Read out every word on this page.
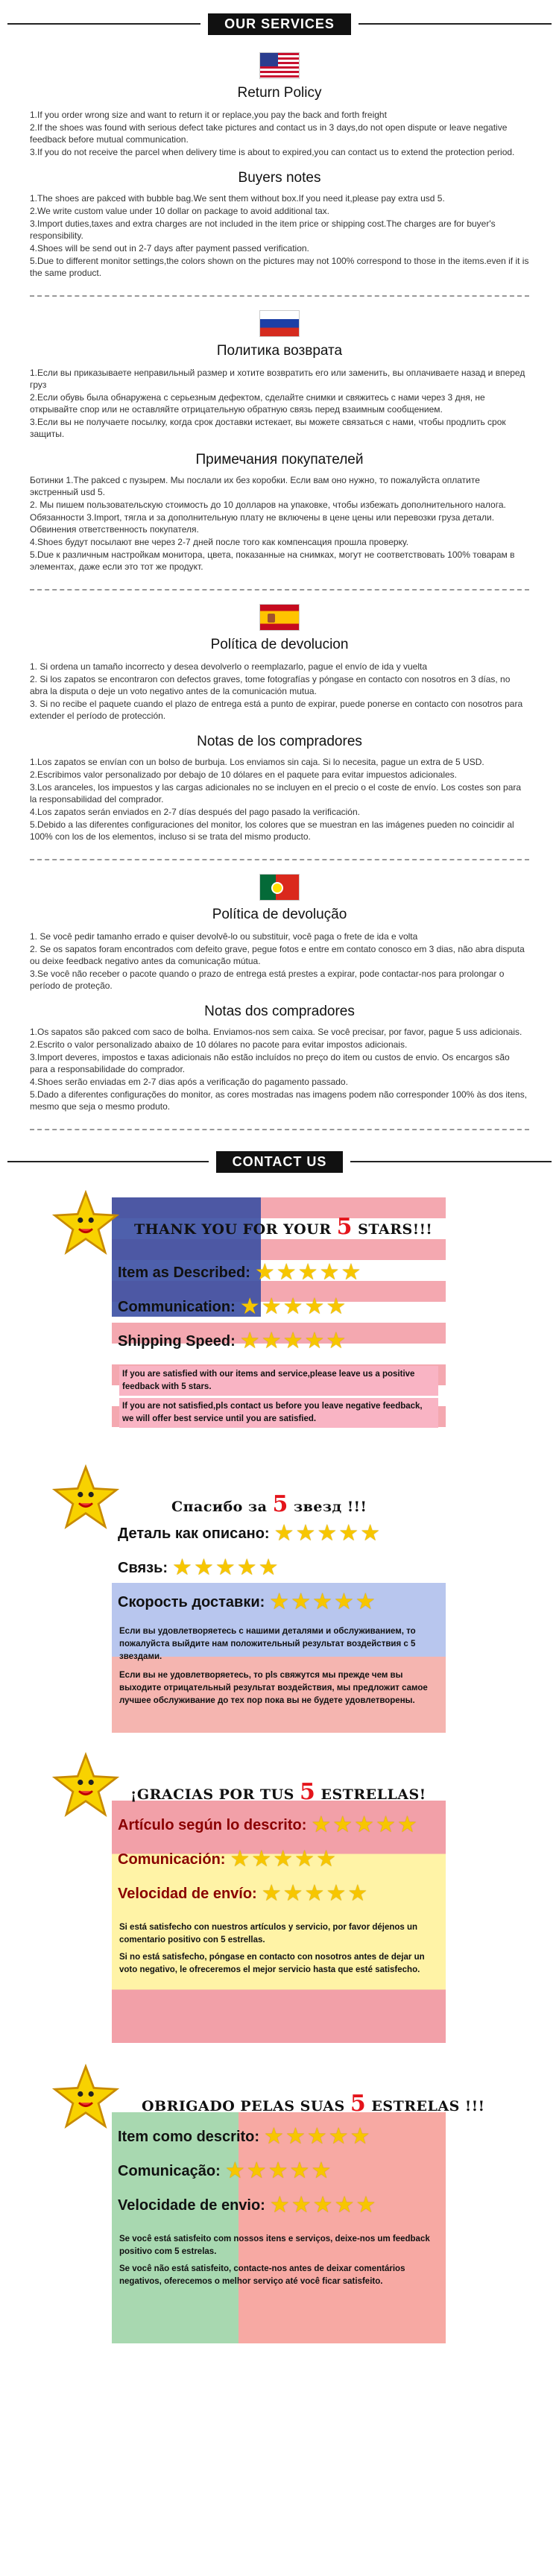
OUR SERVICES
Return Policy
1.If you order wrong size and want to return it or replace,you pay the back and forth freight
2.If the shoes was found with serious defect take pictures and contact us in 3 days,do not open dispute or leave negative feedback before mutual communication.
3.If you do not receive the parcel when delivery time is about to expired,you can contact us to extend the protection period.
Buyers notes
1.The shoes are pakced with bubble bag.We sent them without box.If you need it,please pay extra usd 5.
2.We write custom value under 10 dollar on package to avoid additional tax.
3.Import duties,taxes and extra charges are not included in the item price or shipping cost.The charges are for buyer's responsibility.
4.Shoes will be send out in 2-7 days after payment passed verification.
5.Due to different monitor settings,the colors shown on the pictures may not 100% correspond to those in the items.even if it is the same product.
Политика возврата
1.Если вы приказываете неправильный размер и хотите возвратить его или заменить, вы оплачиваете назад и вперед груз
2.Если обувь была обнаружена с серьезным дефектом, сделайте снимки и свяжитесь с нами через 3 дня, не открывайте спор или не оставляйте отрицательную обратную связь перед взаимным сообщением.
3.Если вы не получаете посылку, когда срок доставки истекает, вы можете связаться с нами, чтобы продлить срок защиты.
Примечания покупателей
Ботинки 1.The pakced с пузырем. Мы послали их без коробки. Если вам оно нужно, то пожалуйста оплатите экстренный usd 5.
2. Мы пишем пользовательскую стоимость до 10 долларов на упаковке, чтобы избежать дополнительного налога.
Обязанности 3.Import, тягла и за дополнительную плату не включены в цене цены или перевозки груза детали. Обвинения ответственность покупателя.
4.Shoes будут посылают вне через 2-7 дней после того как компенсация прошла проверку.
5.Due к различным настройкам монитора, цвета, показанные на снимках, могут не соответствовать 100% товарам в элементах, даже если это тот же продукт.
Política de devolucion
1. Si ordena un tamaño incorrecto y desea devolverlo o reemplazarlo, pague el envío de ida y vuelta
2. Si los zapatos se encontraron con defectos graves, tome fotografías y póngase en contacto con nosotros en 3 días, no abra la disputa o deje un voto negativo antes de la comunicación mutua.
3. Si no recibe el paquete cuando el plazo de entrega está a punto de expirar, puede ponerse en contacto con nosotros para extender el período de protección.
Notas de los compradores
1.Los zapatos se envían con un bolso de burbuja. Los enviamos sin caja. Si lo necesita, pague un extra de 5 USD.
2.Escribimos valor personalizado por debajo de 10 dólares en el paquete para evitar impuestos adicionales.
3.Los aranceles, los impuestos y las cargas adicionales no se incluyen en el precio o el coste de envío. Los costes son para la responsabilidad del comprador.
4.Los zapatos serán enviados en 2-7 días después del pago pasado la verificación.
5.Debido a las diferentes configuraciones del monitor, los colores que se muestran en las imágenes pueden no coincidir al 100% con los de los elementos, incluso si se trata del mismo producto.
Política de devolução
1. Se você pedir tamanho errado e quiser devolvê-lo ou substituir, você paga o frete de ida e volta
2. Se os sapatos foram encontrados com defeito grave, pegue fotos e entre em contato conosco em 3 dias, não abra disputa ou deixe feedback negativo antes da comunicação mútua.
3.Se você não receber o pacote quando o prazo de entrega está prestes a expirar, pode contactar-nos para prolongar o período de proteção.
Notas dos compradores
1.Os sapatos são pakced com saco de bolha. Enviamos-nos sem caixa. Se você precisar, por favor, pague 5 uss adicionais.
2.Escrito o valor personalizado abaixo de 10 dólares no pacote para evitar impostos adicionais.
3.Import deveres, impostos e taxas adicionais não estão incluídos no preço do item ou custos de envio. Os encargos são para a responsabilidade do comprador.
4.Shoes serão enviadas em 2-7 dias após a verificação do pagamento passado.
5.Dado a diferentes configurações do monitor, as cores mostradas nas imagens podem não corresponder 100% às dos itens, mesmo que seja o mesmo produto.
CONTACT US
Item as Described: ★ ★ ★ ★ ★
Communication: ★ ★ ★ ★ ★
Shipping Speed: ★ ★ ★ ★ ★
If you are satisfied with our items and service,please leave us a positive feedback with 5 stars.
If you are not satisfied,pls contact us before you leave negative feedback, we will offer best service until you are satisfied.
THANK YOU FOR YOUR 5 STARS!!!
Деталь как описано: ★ ★ ★ ★ ★
Связь: ★ ★ ★ ★ ★
Скорость доставки: ★ ★ ★ ★ ★
Если вы удовлетворяетесь с нашими деталями и обслуживанием, то пожалуйста выйдите нам положительный результат воздействия с 5 звездами.
Если вы не удовлетворяетесь, то pls свяжутся мы прежде чем вы выходите отрицательный результат воздействия, мы предложит самое лучшее обслуживание до тех пор пока вы не будете удовлетворены.
Спасибо за 5 звезд !!!
Artículo según lo descrito: ★ ★ ★ ★ ★
Comunicación: ★ ★ ★ ★ ★
Velocidad de envío: ★ ★ ★ ★ ★
Si está satisfecho con nuestros artículos y servicio, por favor déjenos un comentario positivo con 5 estrellas.
Si no está satisfecho, póngase en contacto con nosotros antes de dejar un voto negativo, le ofreceremos el mejor servicio hasta que esté satisfecho.
¡GRACIAS POR TUS 5 ESTRELLAS!
Item como descrito: ★ ★ ★ ★ ★
Comunicação: ★ ★ ★ ★ ★
Velocidade de envio: ★ ★ ★ ★ ★
Se você está satisfeito com nossos itens e serviços, deixe-nos um feedback positivo com 5 estrelas.
Se você não está satisfeito, contacte-nos antes de deixar comentários negativos, oferecemos o melhor serviço até você ficar satisfeito.
OBRIGADO PELAS SUAS 5 ESTRELAS !!!
